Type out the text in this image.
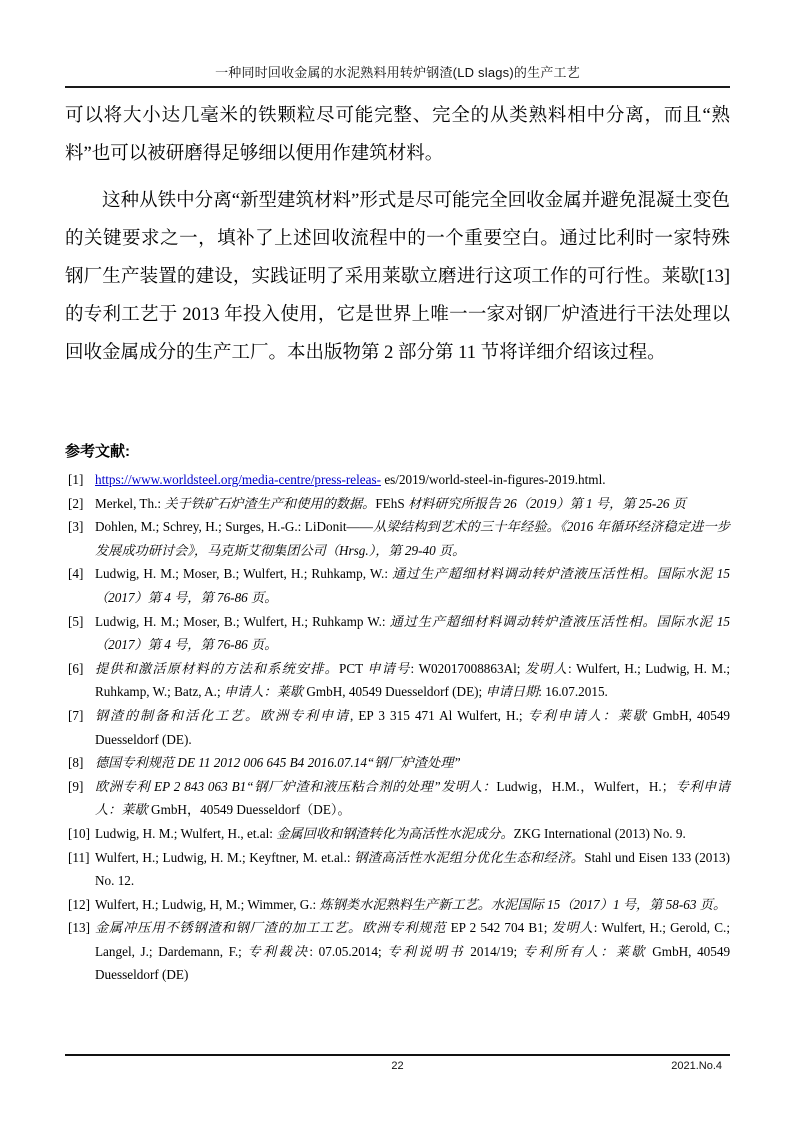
一种同时回收金属的水泥熟料用转炉钢渣(LD slags)的生产工艺
可以将大小达几毫米的铁颗粒尽可能完整、完全的从类熟料相中分离，而且“熟料”也可以被研磨得足够细以便用作建筑材料。
这种从铁中分离“新型建筑材料”形式是尽可能完全回收金属并避免混凝土变色的关键要求之一，填补了上述回收流程中的一个重要空白。通过比利时一家特殊钢厂生产装置的建设，实践证明了采用莱歇立磨进行这项工作的可行性。莱歇[13]的专利工艺于 2013 年投入使用，它是世界上唯一一家对钢厂炉渣进行干法处理以回收金属成分的生产工厂。本出版物第 2 部分第 11 节将详细介绍该过程。
参考文献:
[1] https://www.worldsteel.org/media-centre/press-releas- es/2019/world-steel-in-figures-2019.html.
[2] Merkel, Th.: 关于铁矿石炉渣生产和使用的数据。FEhS 材料研究所报告 26（2019）第 1 号，第 25-26 页
[3] Dohlen, M.; Schrey, H.; Surges, H.-G.: LiDonit——从梁结构到艺术的三十年经验。《2016 年循环经济稳定进一步发展成功研讨会》，马克斯艾彻集团公司（Hrsg.），第 29-40 页。
[4] Ludwig, H. M.; Moser, B.; Wulfert, H.; Ruhkamp, W.: 通过生产超细材料调动转炉渣液压活性相。国际水泥 15（2017）第 4 号，第 76-86 页。
[5] Ludwig, H. M.; Moser, B.; Wulfert, H.; Ruhkamp W.: 通过生产超细材料调动转炉渣液压活性相。国际水泥 15（2017）第 4 号，第 76-86 页。
[6] 提供和激活原材料的方法和系统安排。PCT 申请号: W02017008863Al; 发明人: Wulfert, H.; Ludwig, H. M.; Ruhkamp, W.; Batz, A.; 申请人：莱歇 GmbH, 40549 Duesseldorf (DE); 申请日期: 16.07.2015.
[7] 钢渣的制备和活化工艺。欧洲专利申请, EP 3 315 471 Al Wulfert, H.; 专利申请人：莱歇 GmbH, 40549 Duesseldorf (DE).
[8] 德国专利规范 DE 11 2012 006 645 B4 2016.07.14“钢厂炉渣处理”
[9] 欧洲专利 EP 2 843 063 B1“钢厂炉渣和液压粘合剂的处理”发明人：Ludwig，H.M.，Wulfert，H.；专利申请人：莱歇 GmbH，40549 Duesseldorf（DE）。
[10] Ludwig, H. M.; Wulfert, H., et.al: 金属回收和钢渣转化为高活性水泥成分。ZKG International (2013) No. 9.
[11] Wulfert, H.; Ludwig, H. M.; Keyftner, M. et.al.: 钢渣高活性水泥组分优化生态和经济。Stahl und Eisen 133 (2013) No. 12.
[12] Wulfert, H.; Ludwig, H, M.; Wimmer, G.: 炼钢类水泥熟料生产新工艺。水泥国际 15（2017）1 号，第 58-63 页。
[13] 金属冲压用不锈钢渣和钢厂渣的加工工艺。欧洲专利规范 EP 2 542 704 B1; 发明人: Wulfert, H.; Gerold, C.; Langel, J.; Dardemann, F.; 专利裁决: 07.05.2014; 专利说明书 2014/19; 专利所有人：莱歇 GmbH, 40549 Duesseldorf (DE)
22	2021.No.4
